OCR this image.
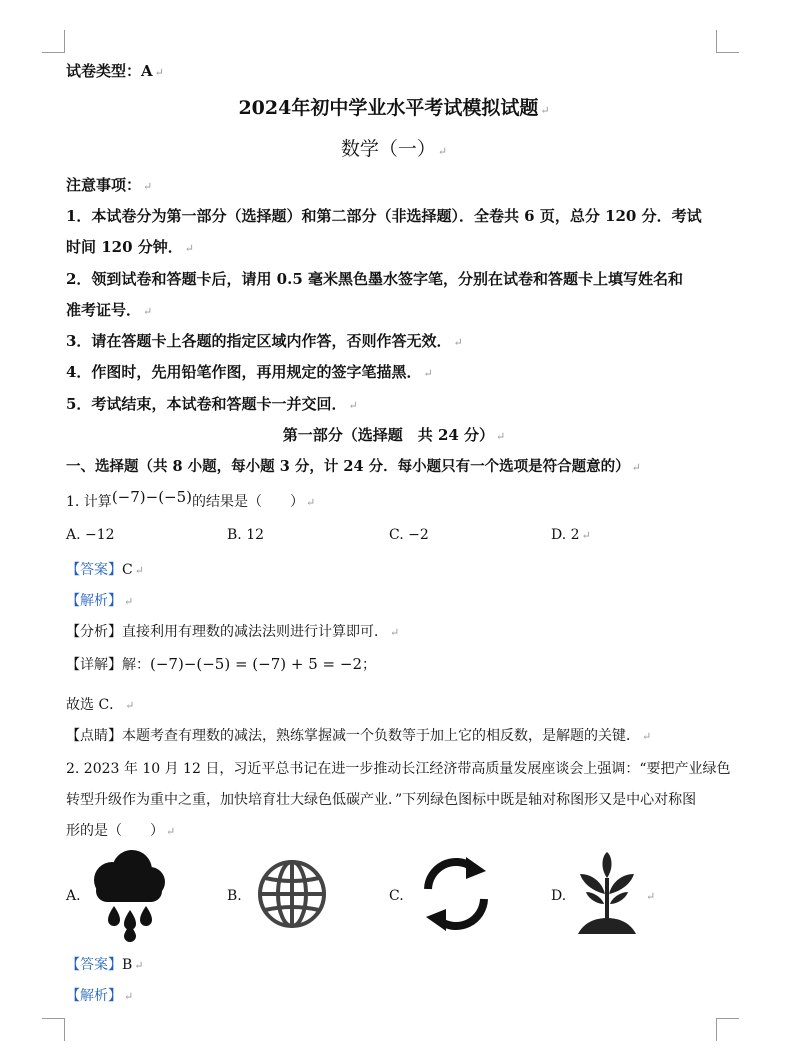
试卷类型：A ↵
2024年初中学业水平考试模拟试题 ↵
数学（一） ↵
注意事项： ↵
1．本试卷分为第一部分（选择题）和第二部分（非选择题）．全卷共 6 页，总分 120 分．考试
时间 120 分钟． ↵
2．领到试卷和答题卡后，请用 0.5 毫米黑色墨水签字笔，分别在试卷和答题卡上填写姓名和
准考证号． ↵
3．请在答题卡上各题的指定区域内作答，否则作答无效． ↵
4．作图时，先用铅笔作图，再用规定的签字笔描黑． ↵
5．考试结束，本试卷和答题卡一并交回． ↵
第一部分（选择题　共 24 分） ↵
一、选择题（共 8 小题，每小题 3 分，计 24 分．每小题只有一个选项是符合题意的） ↵
1. 计算(−7)−(−5)的结果是（　　） ↵
A. −12	B. 12	C. −2	D. 2 ↵
【答案】C ↵
【解析】 ↵
【分析】直接利用有理数的减法法则进行计算即可． ↵
【详解】解：(−7)−(−5) = (−7) + 5 = −2；
故选 C． ↵
【点睛】本题考查有理数的减法，熟练掌握减一个负数等于加上它的相反数，是解题的关键． ↵
2. 2023 年 10 月 12 日，习近平总书记在进一步推动长江经济带高质量发展座谈会上强调：“要把产业绿色
转型升级作为重中之重，加快培育壮大绿色低碳产业．”下列绿色图标中既是轴对称图形又是中心对称图
形的是（　　） ↵
A.	B.	C.	D.	↵
【答案】B ↵
【解析】 ↵
